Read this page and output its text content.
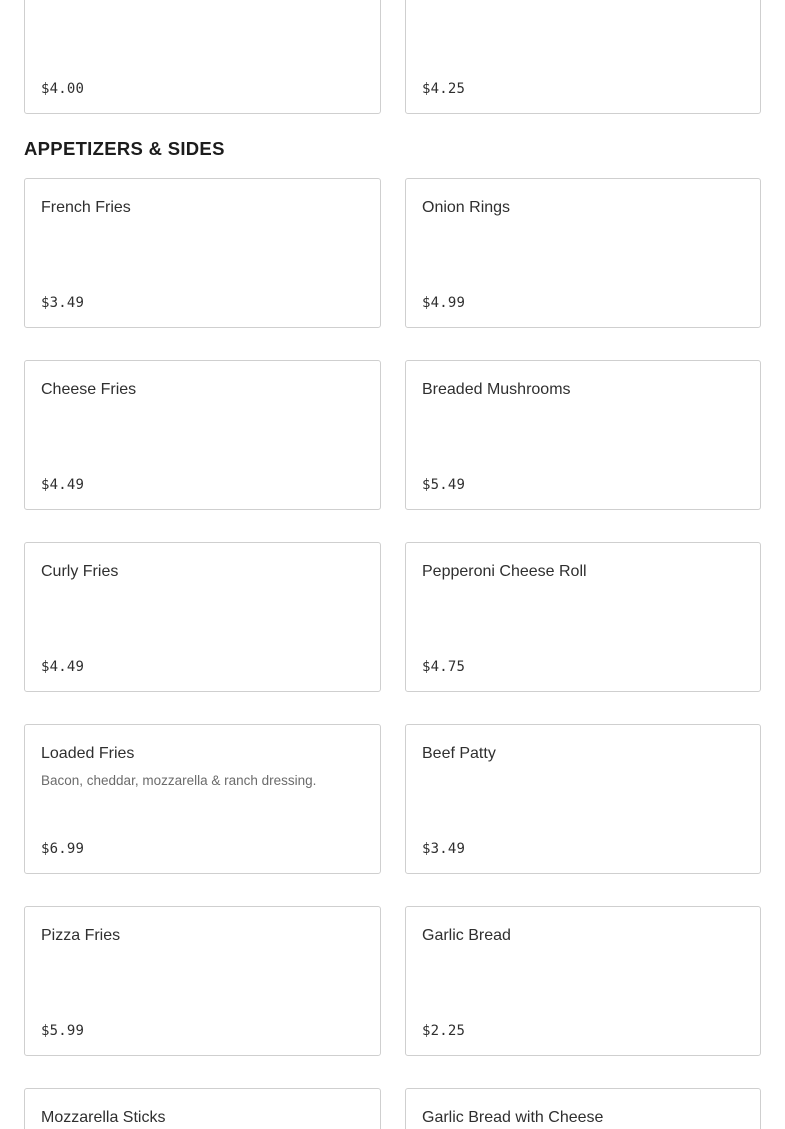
$4.00	$4.25
APPETIZERS & SIDES
French Fries
$3.49
Onion Rings
$4.99
Cheese Fries
$4.49
Breaded Mushrooms
$5.49
Curly Fries
$4.49
Pepperoni Cheese Roll
$4.75
Loaded Fries
Bacon, cheddar, mozzarella & ranch dressing.
$6.99
Beef Patty
$3.49
Pizza Fries
$5.99
Garlic Bread
$2.25
Mozzarella Sticks	Garlic Bread with Cheese
